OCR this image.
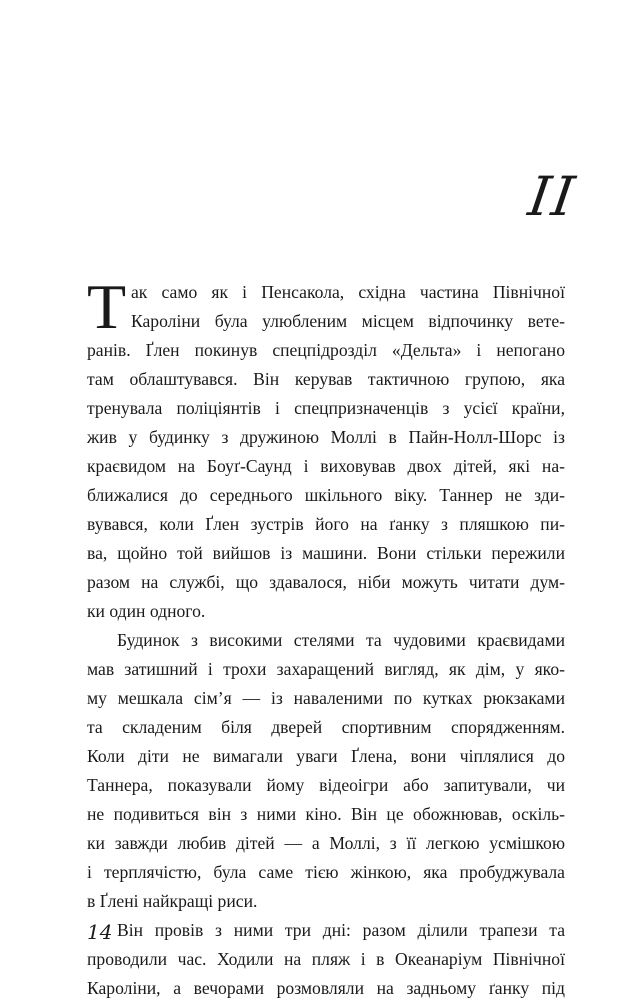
II
Т ак само як і Пенсакола, східна частина Північної
Кароліни була улюбленим місцем відпочинку вете-
ранів. Ґлен покинув спецпідрозділ «Дельта» і непогано
там облаштувався. Він керував тактичною групою, яка
тренувала поліціянтів і спецпризначенців з усієї країни,
жив у будинку з дружиною Моллі в Пайн-Нолл-Шорс із
краєвидом на Боуґ-Саунд і виховував двох дітей, які на-
ближалися до середнього шкільного віку. Таннер не зди-
вувався, коли Ґлен зустрів його на ґанку з пляшкою пи-
ва, щойно той вийшов із машини. Вони стільки пережили
разом на службі, що здавалося, ніби можуть читати дум-
ки один одного.
Будинок з високими стелями та чудовими краєвидами
мав затишний і трохи захаращений вигляд, як дім, у яко-
му мешкала сім’я — із навaленими по кутках рюкзаками
та складеним біля дверей спортивним спорядженням.
Коли діти не вимагали уваги Ґлена, вони чіплялися до
Таннера, показували йому відеоігри або запитували, чи
не подивиться він з ними кіно. Він це обожнював, оскіль-
ки завжди любив дітей — а Моллі, з її легкою усмішкою
і терплячістю, була саме тією жінкою, яка пробуджувала
в Ґлені найкращі риси.
Він провів з ними три дні: разом ділили трапези та
проводили час. Ходили на пляж і в Океанаріум Північної
Кароліни, а вечорами розмовляли на задньому ґанку під
14
